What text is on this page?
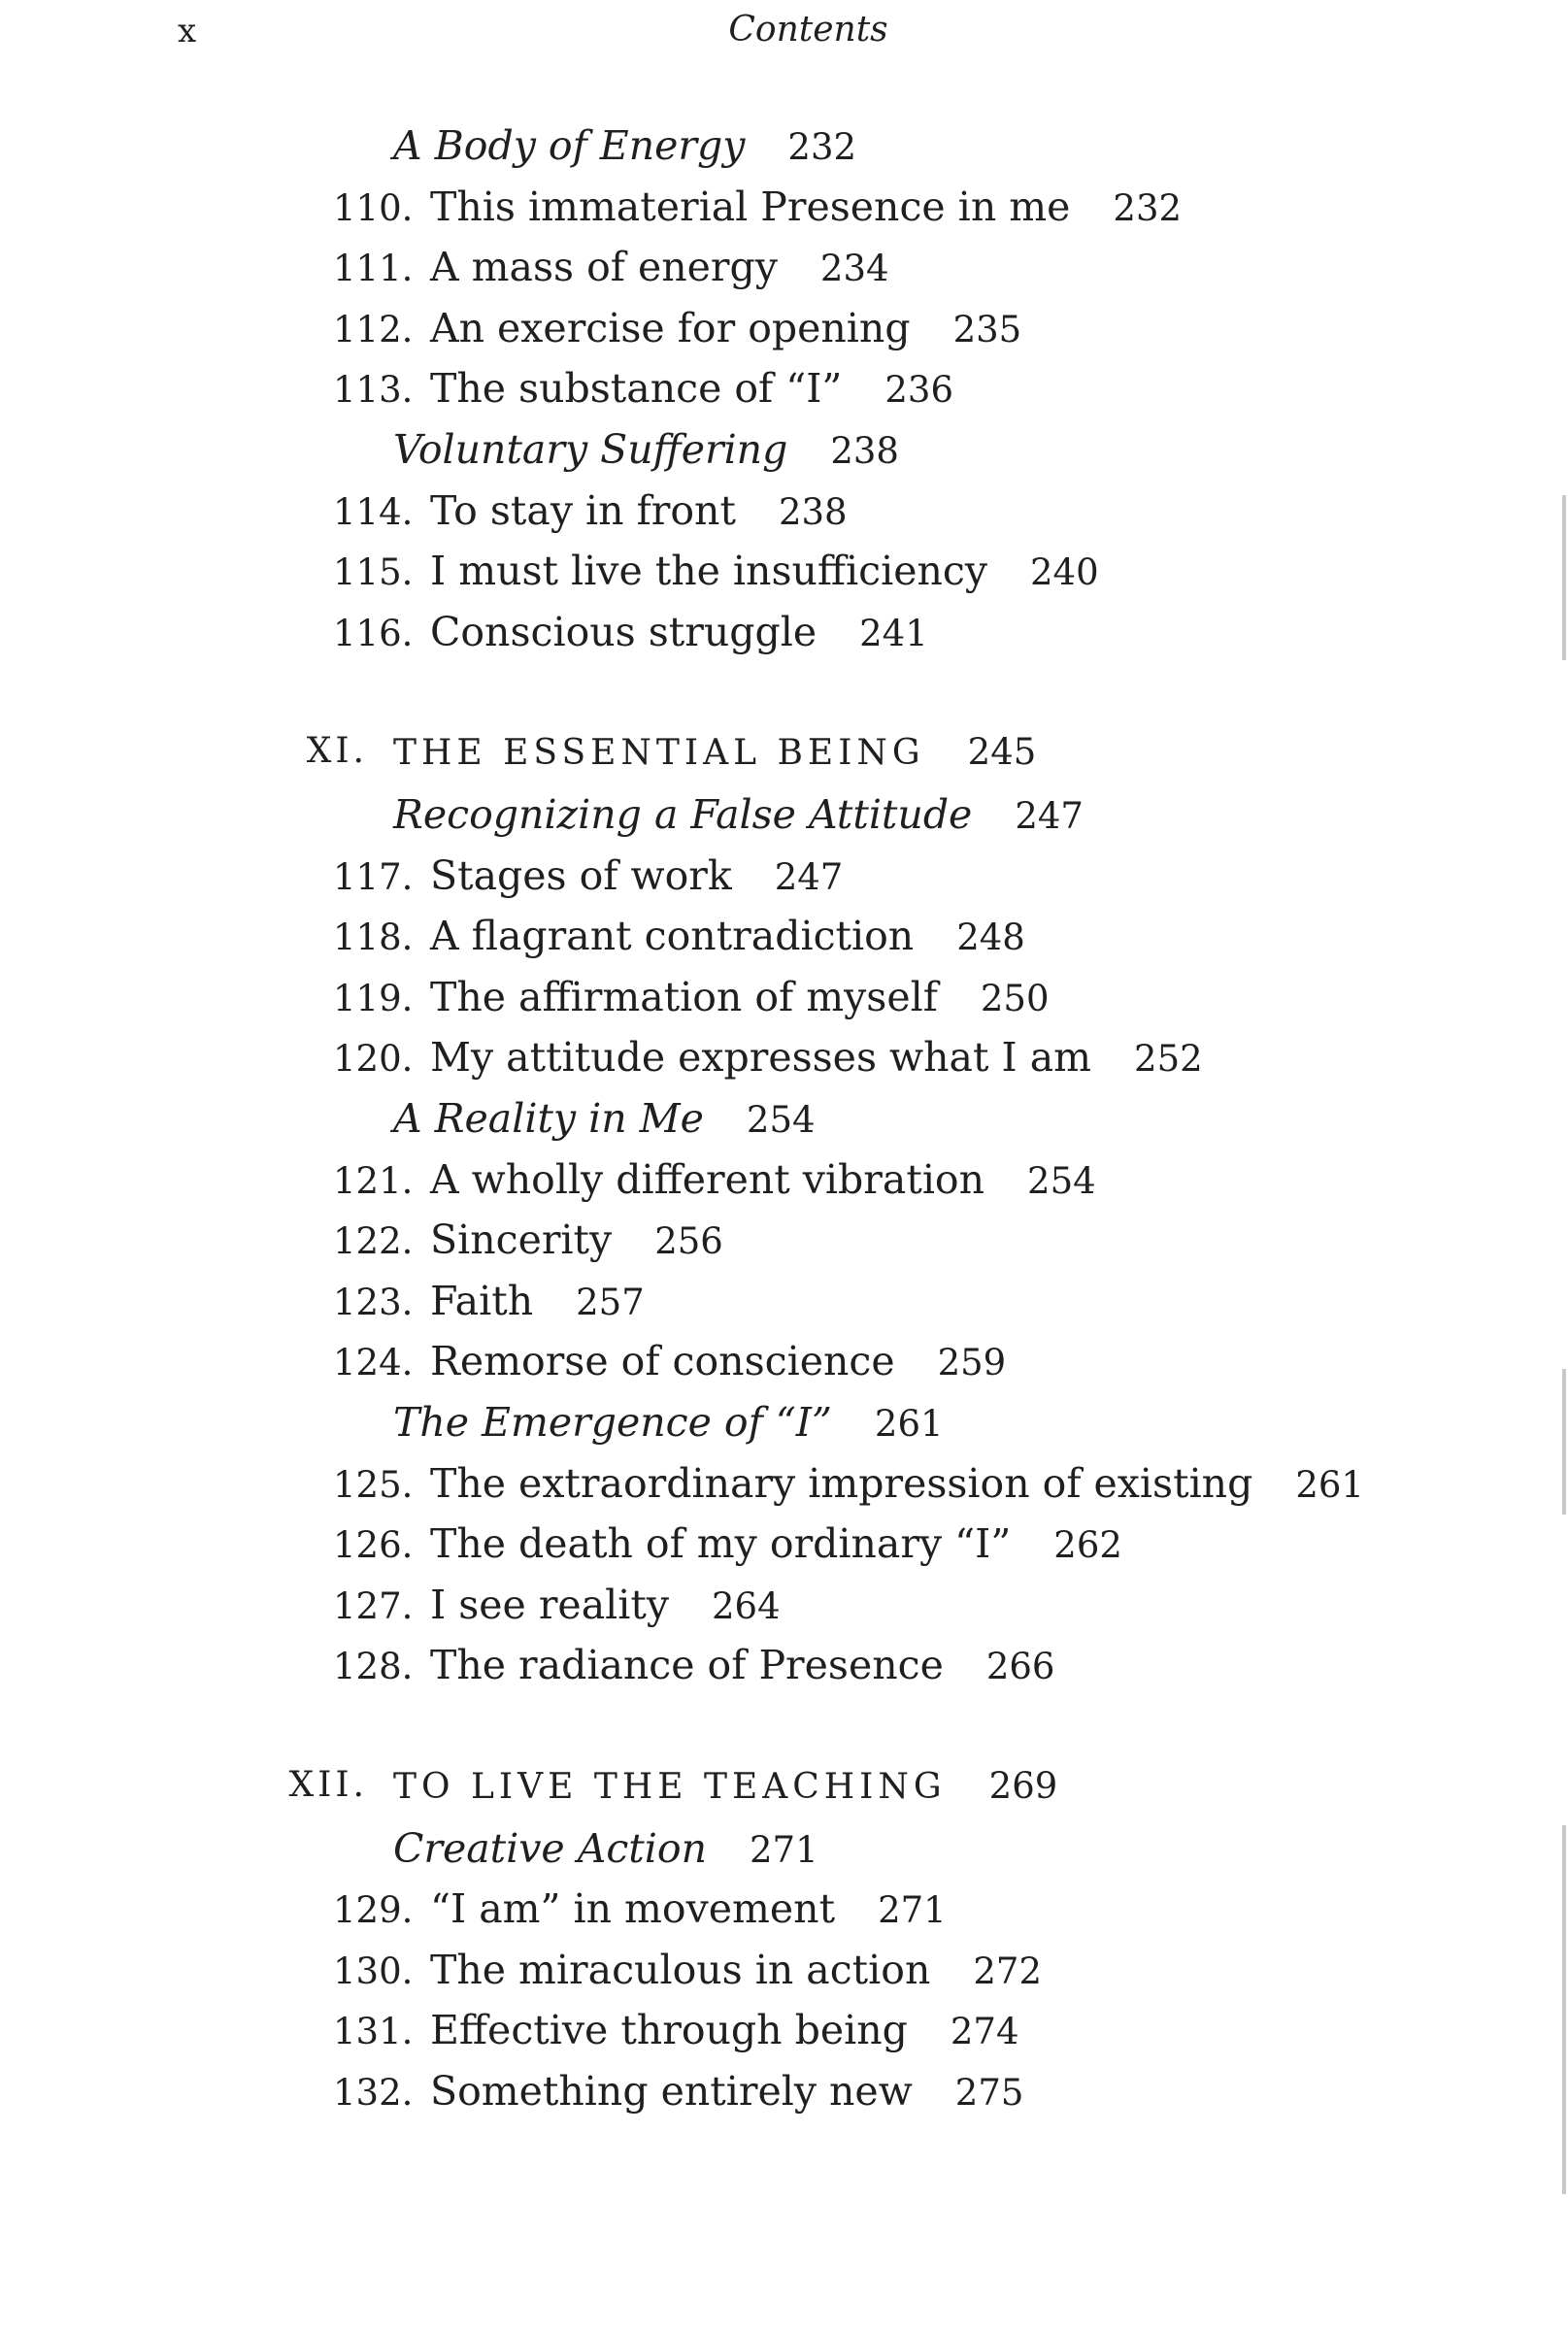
x	Contents
A Body of Energy 232
110. This immaterial Presence in me 232
111. A mass of energy 234
112. An exercise for opening 235
113. The substance of “I” 236
Voluntary Suffering 238
114. To stay in front 238
115. I must live the insufficiency 240
116. Conscious struggle 241
XI. THE ESSENTIAL BEING 245
Recognizing a False Attitude 247
117. Stages of work 247
118. A flagrant contradiction 248
119. The affirmation of myself 250
120. My attitude expresses what I am 252
A Reality in Me 254
121. A wholly different vibration 254
122. Sincerity 256
123. Faith 257
124. Remorse of conscience 259
The Emergence of “I” 261
125. The extraordinary impression of existing 261
126. The death of my ordinary “I” 262
127. I see reality 264
128. The radiance of Presence 266
XII. TO LIVE THE TEACHING 269
Creative Action 271
129. “I am” in movement 271
130. The miraculous in action 272
131. Effective through being 274
132. Something entirely new 275
